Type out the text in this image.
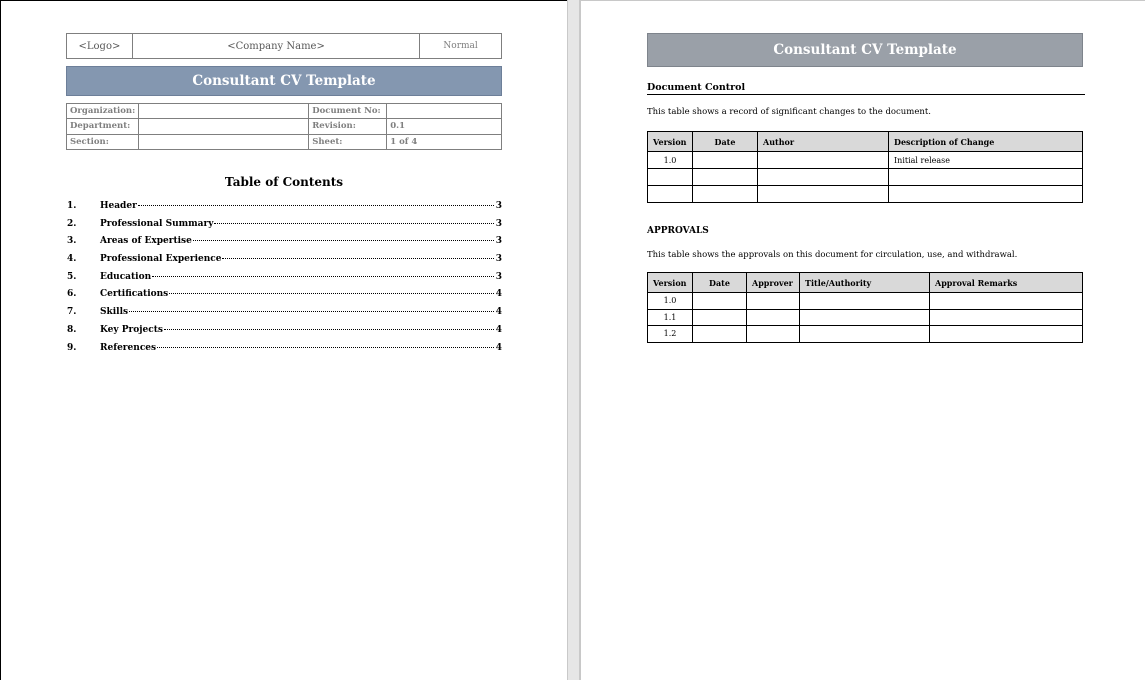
<Logo>	<Company Name>	Normal
Consultant CV Template
Organization:		Document No:	
Department:		Revision:	0.1
Section:		Sheet:	1 of 4
Table of Contents
1.	Header	3
2.	Professional Summary	3
3.	Areas of Expertise	3
4.	Professional Experience	3
5.	Education	3
6.	Certifications	4
7.	Skills	4
8.	Key Projects	4
9.	References	4
Consultant CV Template
Document Control
This table shows a record of significant changes to the document.
Version	Date	Author	Description of Change
1.0			Initial release

APPROVALS
This table shows the approvals on this document for circulation, use, and withdrawal.
Version	Date	Approver	Title/Authority	Approval Remarks
1.0				
1.1				
1.2				
